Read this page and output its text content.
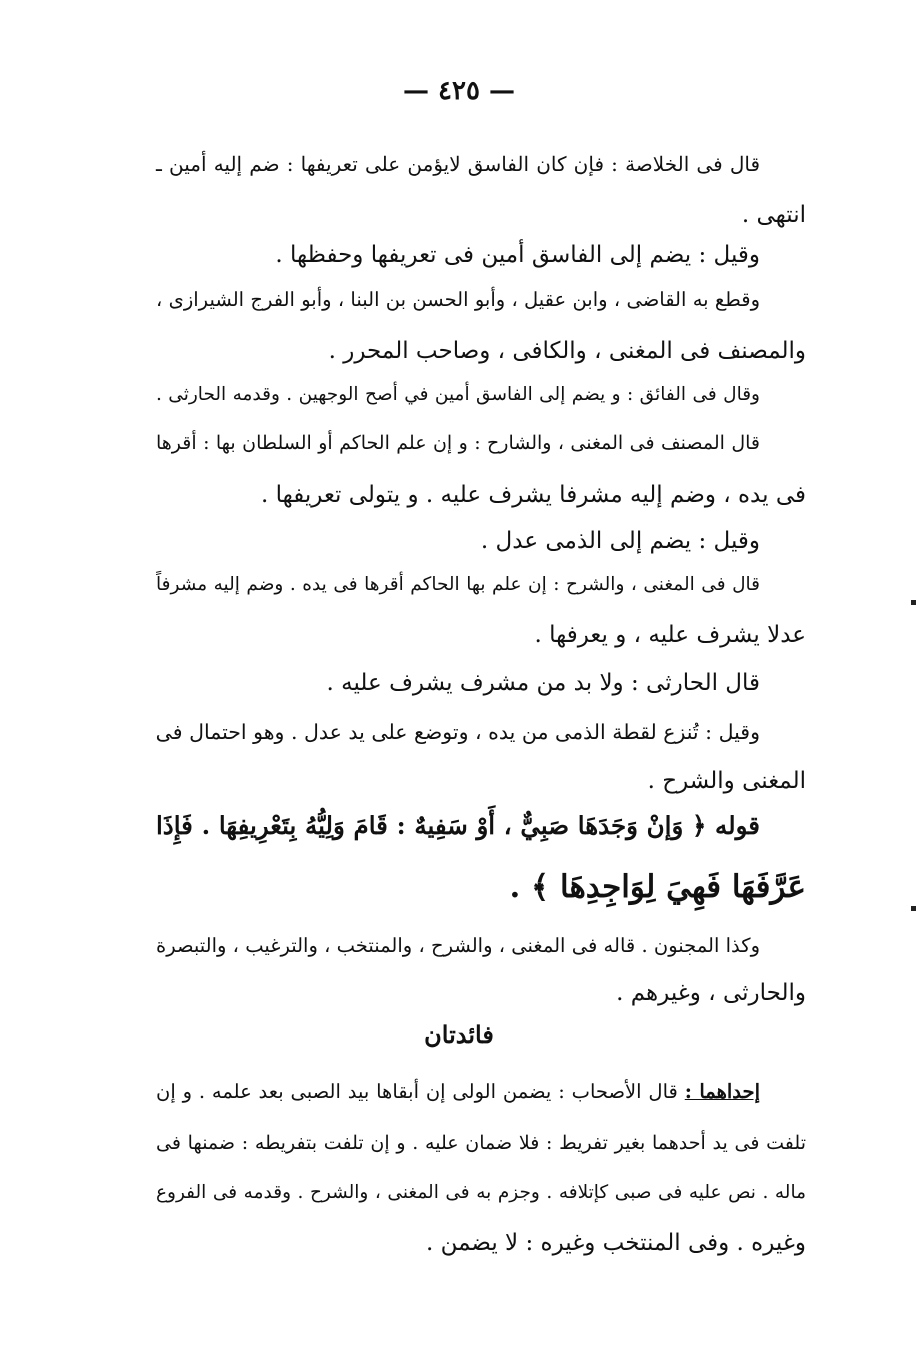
— ٤٢٥ —
قال فى الخلاصة : فإن كان الفاسق لايؤمن على تعريفها : ضم إليه أمين ـ
انتهى .
وقيل : يضم إلى الفاسق أمين فى تعريفها وحفظها .
وقطع به القاضى ، وابن عقيل ، وأبو الحسن بن البنا ، وأبو الفرج الشيرازى ،
والمصنف فى المغنى ، والكافى ، وصاحب المحرر .
وقال فى الفائق : و يضم إلى الفاسق أمين في أصح الوجهين . وقدمه الحارثى .
قال المصنف فى المغنى ، والشارح : و إن علم الحاكم أو السلطان بها : أقرها
فى يده ، وضم إليه مشرفا يشرف عليه . و يتولى تعريفها .
وقيل : يضم إلى الذمى عدل .
قال فى المغنى ، والشرح : إن علم بها الحاكم أقرها فى يده . وضم إليه مشرفاً
عدلا يشرف عليه ، و يعرفها .
قال الحارثى : ولا بد من مشرف يشرف عليه .
وقيل : تُنزع لقطة الذمى من يده ، وتوضع على يد عدل . وهو احتمال فى
المغنى والشرح .
قوله ﴿ وَإنْ وَجَدَهَا صَبِيٌّ ، أَوْ سَفِيهٌ : قَامَ وَلِيُّهُ بِتَعْرِيفِهَا . فَإِذَا
عَرَّفَهَا فَهِيَ لِوَاجِدِهَا ﴾ .
وكذا المجنون . قاله فى المغنى ، والشرح ، والمنتخب ، والترغيب ، والتبصرة
والحارثى ، وغيرهم .
فائدتان
إحداهما : قال الأصحاب : يضمن الولى إن أبقاها بيد الصبى بعد علمه . و إن
تلفت فى يد أحدهما بغير تفريط : فلا ضمان عليه . و إن تلفت بتفريطه : ضمنها فى
ماله . نص عليه فى صبى كإتلافه . وجزم به فى المغنى ، والشرح . وقدمه فى الفروع
وغيره . وفى المنتخب وغيره : لا يضمن .
